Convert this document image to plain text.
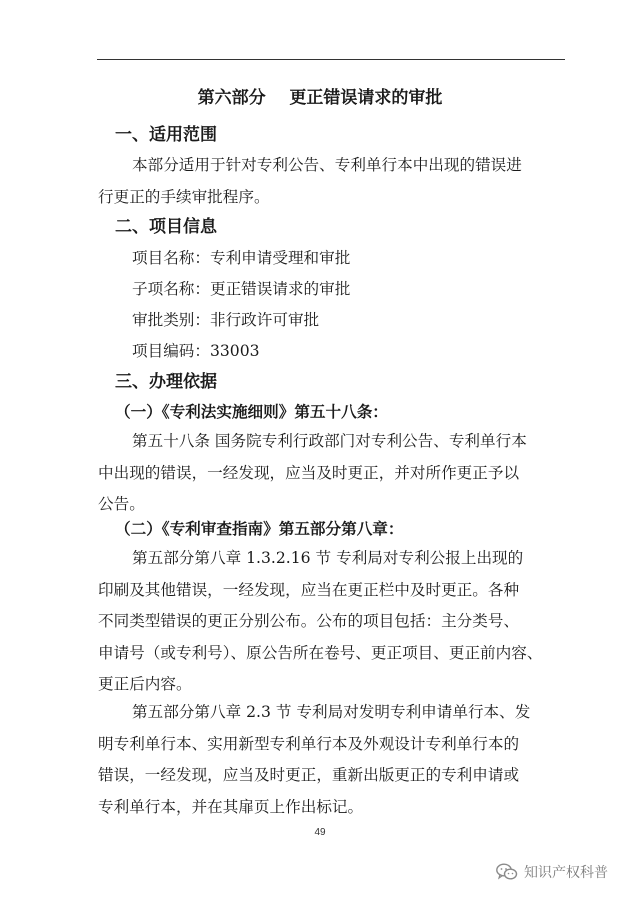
第六部分    更正错误请求的审批
一、适用范围
本部分适用于针对专利公告、专利单行本中出现的错误进
行更正的手续审批程序。
二、项目信息
项目名称：专利申请受理和审批
子项名称：更正错误请求的审批
审批类别：非行政许可审批
项目编码：33003
三、办理依据
（一）《专利法实施细则》第五十八条：
第五十八条 国务院专利行政部门对专利公告、专利单行本
中出现的错误，一经发现，应当及时更正，并对所作更正予以
公告。
（二）《专利审查指南》第五部分第八章：
第五部分第八章 1.3.2.16 节 专利局对专利公报上出现的
印刷及其他错误，一经发现，应当在更正栏中及时更正。各种
不同类型错误的更正分别公布。公布的项目包括：主分类号、
申请号（或专利号）、原公告所在卷号、更正项目、更正前内容、
更正后内容。
第五部分第八章 2.3 节 专利局对发明专利申请单行本、发
明专利单行本、实用新型专利单行本及外观设计专利单行本的
错误，一经发现，应当及时更正，重新出版更正的专利申请或
专利单行本，并在其扉页上作出标记。
49
知识产权科普
